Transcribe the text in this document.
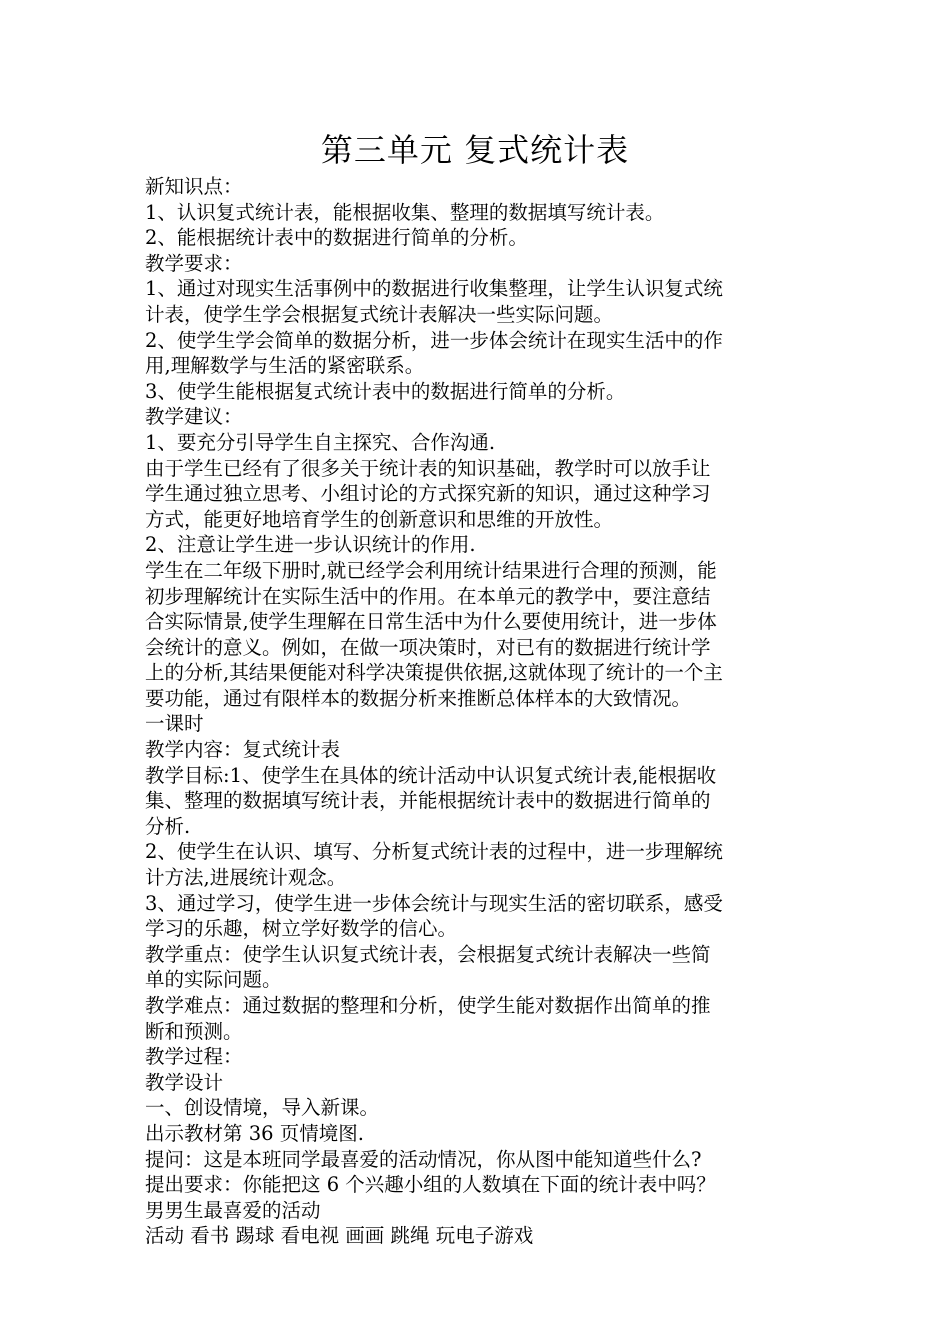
第三单元 复式统计表
新知识点：
1、认识复式统计表，能根据收集、整理的数据填写统计表。
2、能根据统计表中的数据进行简单的分析。
教学要求：
1、通过对现实生活事例中的数据进行收集整理，让学生认识复式统
计表，使学生学会根据复式统计表解决一些实际问题。
2、使学生学会简单的数据分析，进一步体会统计在现实生活中的作
用,理解数学与生活的紧密联系。
3、使学生能根据复式统计表中的数据进行简单的分析。
教学建议：
1、要充分引导学生自主探究、合作沟通.
由于学生已经有了很多关于统计表的知识基础，教学时可以放手让
学生通过独立思考、小组讨论的方式探究新的知识，通过这种学习
方式，能更好地培育学生的创新意识和思维的开放性。
2、注意让学生进一步认识统计的作用.
学生在二年级下册时,就已经学会利用统计结果进行合理的预测，能
初步理解统计在实际生活中的作用。在本单元的教学中，要注意结
合实际情景,使学生理解在日常生活中为什么要使用统计，进一步体
会统计的意义。例如，在做一项决策时，对已有的数据进行统计学
上的分析,其结果便能对科学决策提供依据,这就体现了统计的一个主
要功能，通过有限样本的数据分析来推断总体样本的大致情况。
一课时
教学内容：复式统计表
教学目标:1、使学生在具体的统计活动中认识复式统计表,能根据收
集、整理的数据填写统计表，并能根据统计表中的数据进行简单的
分析.
2、使学生在认识、填写、分析复式统计表的过程中，进一步理解统
计方法,进展统计观念。
3、通过学习，使学生进一步体会统计与现实生活的密切联系，感受
学习的乐趣，树立学好数学的信心。
教学重点：使学生认识复式统计表，会根据复式统计表解决一些简
单的实际问题。
教学难点：通过数据的整理和分析，使学生能对数据作出简单的推
断和预测。
教学过程：
教学设计
一、创设情境，导入新课。
出示教材第 36 页情境图.
提问：这是本班同学最喜爱的活动情况，你从图中能知道些什么?
提出要求：你能把这 6 个兴趣小组的人数填在下面的统计表中吗？
男男生最喜爱的活动
活动 看书 踢球 看电视 画画 跳绳 玩电子游戏
